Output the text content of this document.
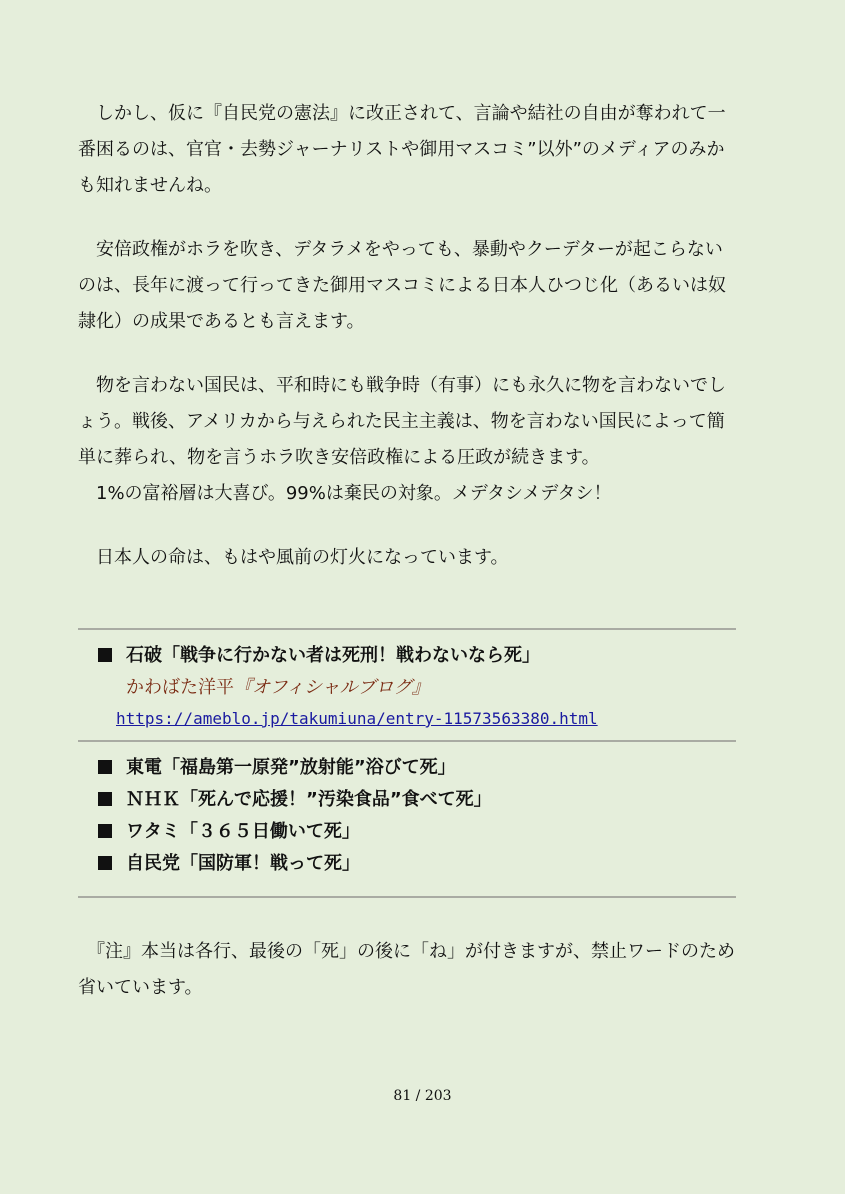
　しかし、仮に『自民党の憲法』に改正されて、言論や結社の自由が奪われて一番困るのは、官官・去勢ジャーナリストや御用マスコミ”以外”のメディアのみかも知れませんね。

　安倍政権がホラを吹き、デタラメをやっても、暴動やクーデターが起こらないのは、長年に渡って行ってきた御用マスコミによる日本人ひつじ化（あるいは奴隷化）の成果であるとも言えます。

　物を言わない国民は、平和時にも戦争時（有事）にも永久に物を言わないでしょう。戦後、アメリカから与えられた民主主義は、物を言わない国民によって簡単に葬られ、物を言うホラ吹き安倍政権による圧政が続きます。

　1%の富裕層は大喜び。99%は棄民の対象。メデタシメデタシ！

　日本人の命は、もはや風前の灯火になっています。

石破「戦争に行かない者は死刑！戦わないなら死」

かわばた洋平『オフィシャルブログ』

https://ameblo.jp/takumiuna/entry-11573563380.html

東電「福島第一原発”放射能”浴びて死」

ＮＨＫ「死んで応援！”汚染食品”食べて死」

ワタミ「３６５日働いて死」

自民党「国防軍！戦って死」

　『注』本当は各行、最後の「死」の後に「ね」が付きますが、禁止ワードのため省いています。

81 / 203
